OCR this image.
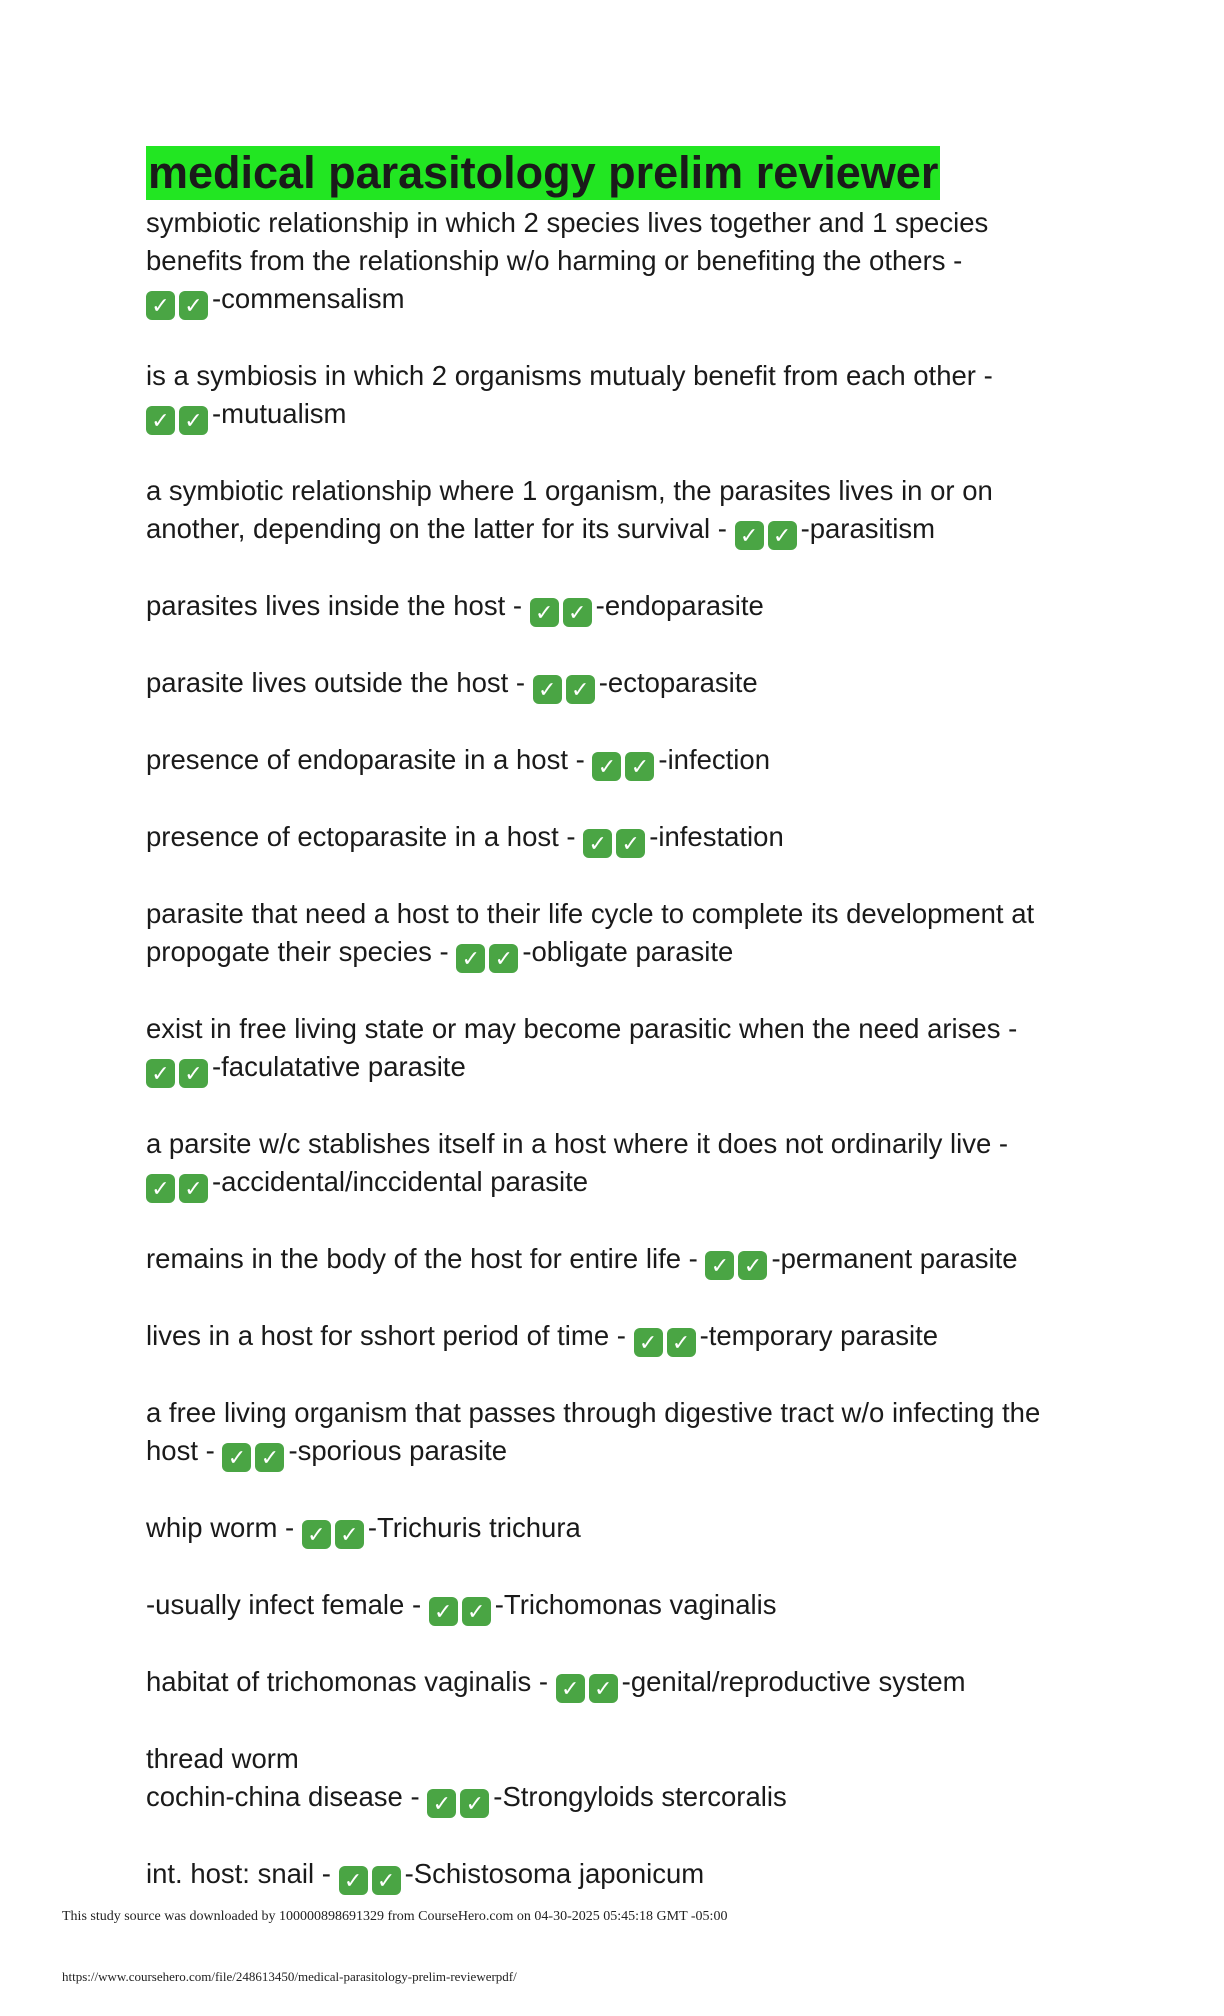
medical parasitology prelim reviewer
symbiotic relationship in which 2 species lives together and 1 species
benefits from the relationship w/o harming or benefiting the others -
✓ ✓ -commensalism
is a symbiosis in which 2 organisms mutualy benefit from each other -
✓ ✓ -mutualism
a symbiotic relationship where 1 organism, the parasites lives in or on
another, depending on the latter for its survival - ✓ ✓ -parasitism
parasites lives inside the host - ✓ ✓ -endoparasite
parasite lives outside the host - ✓ ✓ -ectoparasite
presence of endoparasite in a host - ✓ ✓ -infection
presence of ectoparasite in a host - ✓ ✓ -infestation
parasite that need a host to their life cycle to complete its development at
propogate their species - ✓ ✓ -obligate parasite
exist in free living state or may become parasitic when the need arises -
✓ ✓ -faculatative parasite
a parsite w/c stablishes itself in a host where it does not ordinarily live -
✓ ✓ -accidental/inccidental parasite
remains in the body of the host for entire life - ✓ ✓ -permanent parasite
lives in a host for sshort period of time - ✓ ✓ -temporary parasite
a free living organism that passes through digestive tract w/o infecting the
host - ✓ ✓ -sporious parasite
whip worm - ✓ ✓ -Trichuris trichura
-usually infect female - ✓ ✓ -Trichomonas vaginalis
habitat of trichomonas vaginalis - ✓ ✓ -genital/reproductive system
thread worm
cochin-china disease - ✓ ✓ -Strongyloids stercoralis
int. host: snail - ✓ ✓ -Schistosoma japonicum
This study source was downloaded by 100000898691329 from CourseHero.com on 04-30-2025 05:45:18 GMT -05:00
https://www.coursehero.com/file/248613450/medical-parasitology-prelim-reviewerpdf/
